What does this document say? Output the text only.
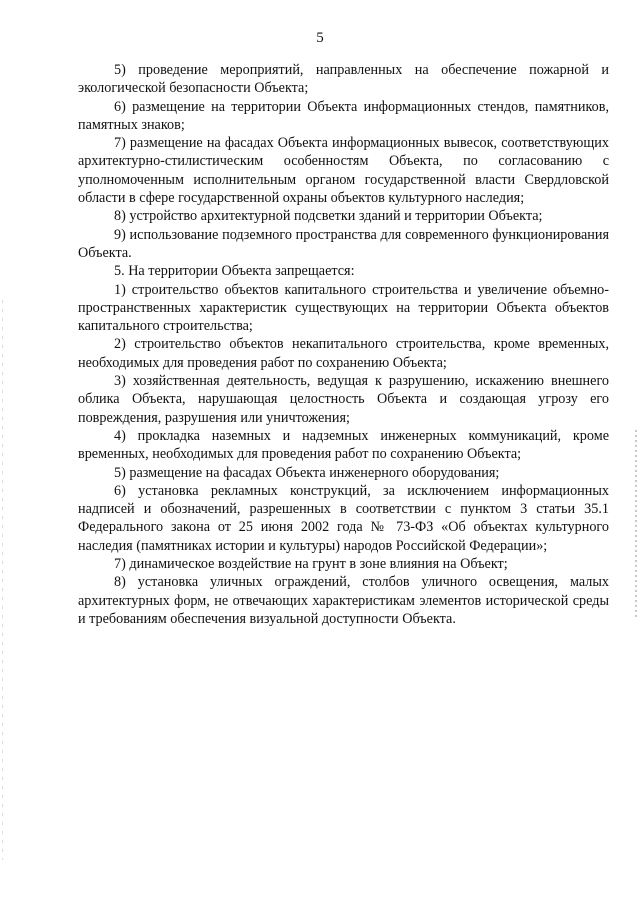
5

5) проведение мероприятий, направленных на обеспечение пожарной и экологической безопасности Объекта;

6) размещение на территории Объекта информационных стендов, памятников, памятных знаков;

7) размещение на фасадах Объекта информационных вывесок, соответствующих архитектурно-стилистическим особенностям Объекта, по согласованию с уполномоченным исполнительным органом государственной власти Свердловской области в сфере государственной охраны объектов культурного наследия;

8) устройство архитектурной подсветки зданий и территории Объекта;

9) использование подземного пространства для современного функционирования Объекта.

5. На территории Объекта запрещается:

1) строительство объектов капитального строительства и увеличение объемно-пространственных характеристик существующих на территории Объекта объектов капитального строительства;

2) строительство объектов некапитального строительства, кроме временных, необходимых для проведения работ по сохранению Объекта;

3) хозяйственная деятельность, ведущая к разрушению, искажению внешнего облика Объекта, нарушающая целостность Объекта и создающая угрозу его повреждения, разрушения или уничтожения;

4) прокладка наземных и надземных инженерных коммуникаций, кроме временных, необходимых для проведения работ по сохранению Объекта;

5) размещение на фасадах Объекта инженерного оборудования;

6) установка рекламных конструкций, за исключением информационных надписей и обозначений, разрешенных в соответствии с пунктом 3 статьи 35.1 Федерального закона от 25 июня 2002 года № 73-ФЗ «Об объектах культурного наследия (памятниках истории и культуры) народов Российской Федерации»;

7) динамическое воздействие на грунт в зоне влияния на Объект;

8) установка уличных ограждений, столбов уличного освещения, малых архитектурных форм, не отвечающих характеристикам элементов исторической среды и требованиям обеспечения визуальной доступности Объекта.
